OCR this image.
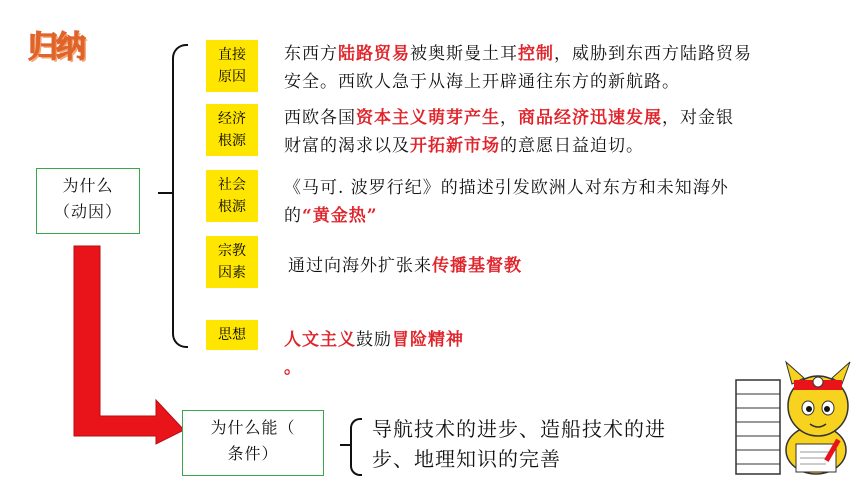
归纳
为什么
（动因）
直接
原因
东西方陆路贸易被奥斯曼土耳控制，威胁到东西方陆路贸易
安全。西欧人急于从海上开辟通往东方的新航路。
经济
根源
西欧各国资本主义萌芽产生，商品经济迅速发展，对金银
财富的渴求以及开拓新市场的意愿日益迫切。
社会
根源
《马可. 波罗行纪》的描述引发欧洲人对东方和未知海外
的“黄金热”
宗教
因素 通过向海外扩张来传播基督教
思想 人文主义鼓励冒险精神
。
为什么能（
条件）
导航技术的进步、造船技术的进
步、地理知识的完善
